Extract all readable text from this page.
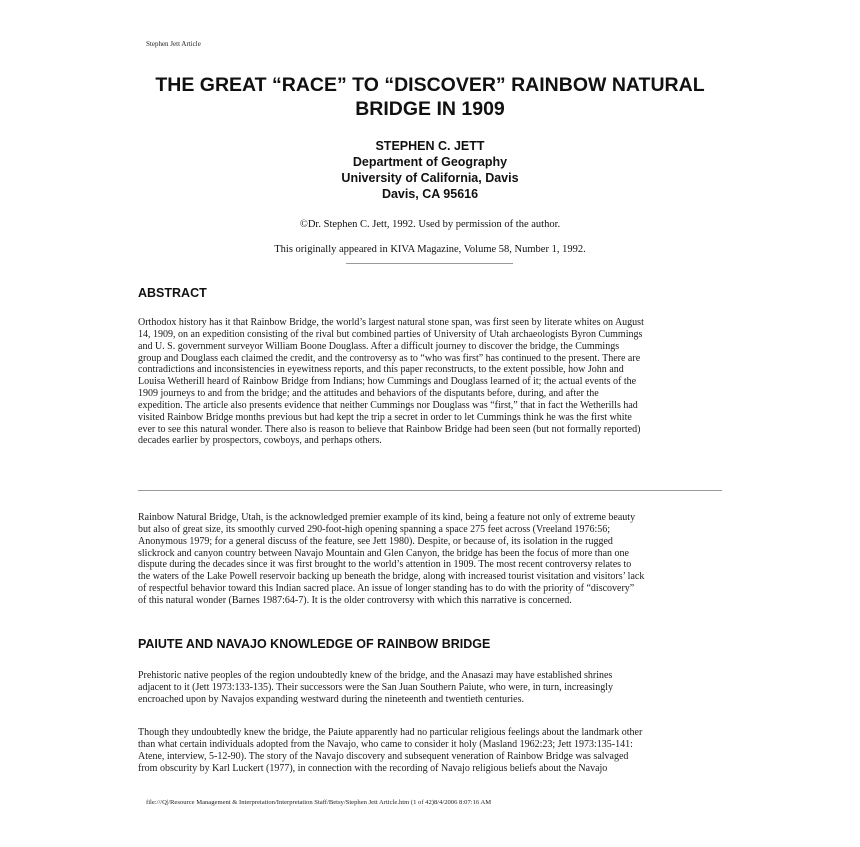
Stephen Jett Article
THE GREAT “RACE” TO “DISCOVER” RAINBOW NATURAL
BRIDGE IN 1909
STEPHEN C. JETT
Department of Geography
University of California, Davis
Davis, CA 95616
©Dr. Stephen C. Jett, 1992. Used by permission of the author.
This originally appeared in KIVA Magazine, Volume 58, Number 1, 1992.
ABSTRACT
Orthodox history has it that Rainbow Bridge, the world’s largest natural stone span, was first seen by literate whites on August
14, 1909, on an expedition consisting of the rival but combined parties of University of Utah archaeologists Byron Cummings
and U. S. government surveyor William Boone Douglass. After a difficult journey to discover the bridge, the Cummings
group and Douglass each claimed the credit, and the controversy as to “who was first” has continued to the present. There are
contradictions and inconsistencies in eyewitness reports, and this paper reconstructs, to the extent possible, how John and
Louisa Wetherill heard of Rainbow Bridge from Indians; how Cummings and Douglass learned of it; the actual events of the
1909 journeys to and from the bridge; and the attitudes and behaviors of the disputants before, during, and after the
expedition. The article also presents evidence that neither Cummings nor Douglass was “first,” that in fact the Wetherills had
visited Rainbow Bridge months previous but had kept the trip a secret in order to let Cummings think he was the first white
ever to see this natural wonder. There also is reason to believe that Rainbow Bridge had been seen (but not formally reported)
decades earlier by prospectors, cowboys, and perhaps others.
Rainbow Natural Bridge, Utah, is the acknowledged premier example of its kind, being a feature not only of extreme beauty
but also of great size, its smoothly curved 290-foot-high opening spanning a space 275 feet across (Vreeland 1976:56;
Anonymous 1979; for a general discuss of the feature, see Jett 1980). Despite, or because of, its isolation in the rugged
slickrock and canyon country between Navajo Mountain and Glen Canyon, the bridge has been the focus of more than one
dispute during the decades since it was first brought to the world’s attention in 1909. The most recent controversy relates to
the waters of the Lake Powell reservoir backing up beneath the bridge, along with increased tourist visitation and visitors’ lack
of respectful behavior toward this Indian sacred place. An issue of longer standing has to do with the priority of “discovery”
of this natural wonder (Barnes 1987:64-7). It is the older controversy with which this narrative is concerned.
PAIUTE AND NAVAJO KNOWLEDGE OF RAINBOW BRIDGE
Prehistoric native peoples of the region undoubtedly knew of the bridge, and the Anasazi may have established shrines
adjacent to it (Jett 1973:133-135). Their successors were the San Juan Southern Paiute, who were, in turn, increasingly
encroached upon by Navajos expanding westward during the nineteenth and twentieth centuries.
Though they undoubtedly knew the bridge, the Paiute apparently had no particular religious feelings about the landmark other
than what certain individuals adopted from the Navajo, who came to consider it holy (Masland 1962:23; Jett 1973:135-141:
Atene, interview, 5-12-90). The story of the Navajo discovery and subsequent veneration of Rainbow Bridge was salvaged
from obscurity by Karl Luckert (1977), in connection with the recording of Navajo religious beliefs about the Navajo
file:///Q|/Resource Management & Interpretation/Interpretation Staff/Betsy/Stephen Jett Article.htm (1 of 42)8/4/2006 8:07:16 AM
